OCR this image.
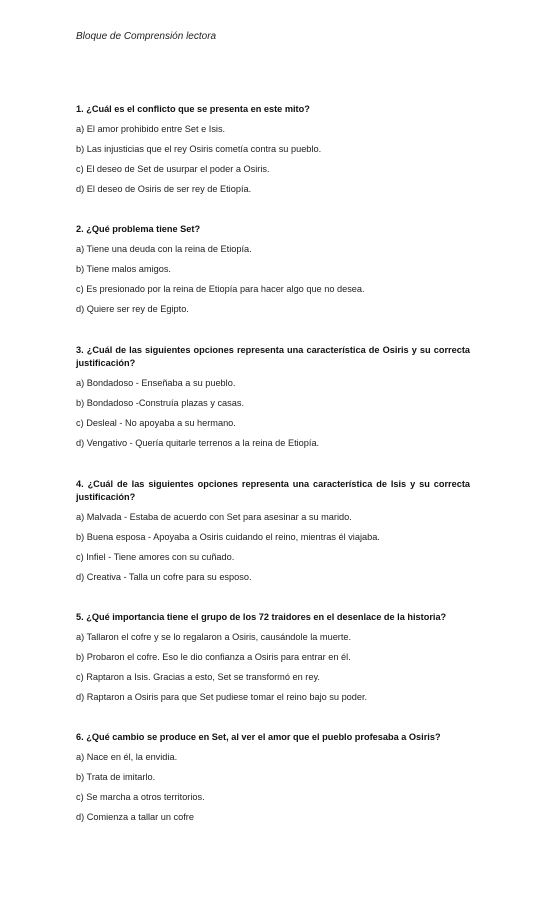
Bloque de Comprensión lectora
1. ¿Cuál es el conflicto que se presenta en este mito?
a) El amor prohibido entre Set e Isis.
b) Las injusticias que el rey Osiris cometía contra su pueblo.
c) El deseo de Set de usurpar el poder a Osiris.
d) El deseo de Osiris de ser rey de Etiopía.
2. ¿Qué problema tiene Set?
a) Tiene una deuda con la reina de Etiopía.
b) Tiene malos amigos.
c) Es presionado por la reina de Etiopía para hacer algo que no desea.
d) Quiere ser rey de Egipto.
3. ¿Cuál de las siguientes opciones representa una característica de Osiris y su correcta justificación?
a) Bondadoso - Enseñaba a su pueblo.
b) Bondadoso -Construía plazas y casas.
c) Desleal - No apoyaba a su hermano.
d) Vengativo - Quería quitarle terrenos a la reina de Etiopía.
4. ¿Cuál de las siguientes opciones representa una característica de Isis y su correcta justificación?
a) Malvada - Estaba de acuerdo con Set para asesinar a su marido.
b) Buena esposa - Apoyaba a Osiris cuidando el reino, mientras él viajaba.
c) Infiel - Tiene amores con su cuñado.
d) Creativa - Talla un cofre para su esposo.
5. ¿Qué importancia tiene el grupo de los 72 traidores en el desenlace de la historia?
a) Tallaron el cofre y se lo regalaron a Osiris, causándole la muerte.
b) Probaron el cofre. Eso le dio confianza a Osiris para entrar en él.
c) Raptaron a Isis. Gracias a esto, Set se transformó en rey.
d) Raptaron a Osiris para que Set pudiese tomar el reino bajo su poder.
6. ¿Qué cambio se produce en Set, al ver el amor que el pueblo profesaba a Osiris?
a) Nace en él, la envidia.
b) Trata de imitarlo.
c) Se marcha a otros territorios.
d) Comienza a tallar un cofre
